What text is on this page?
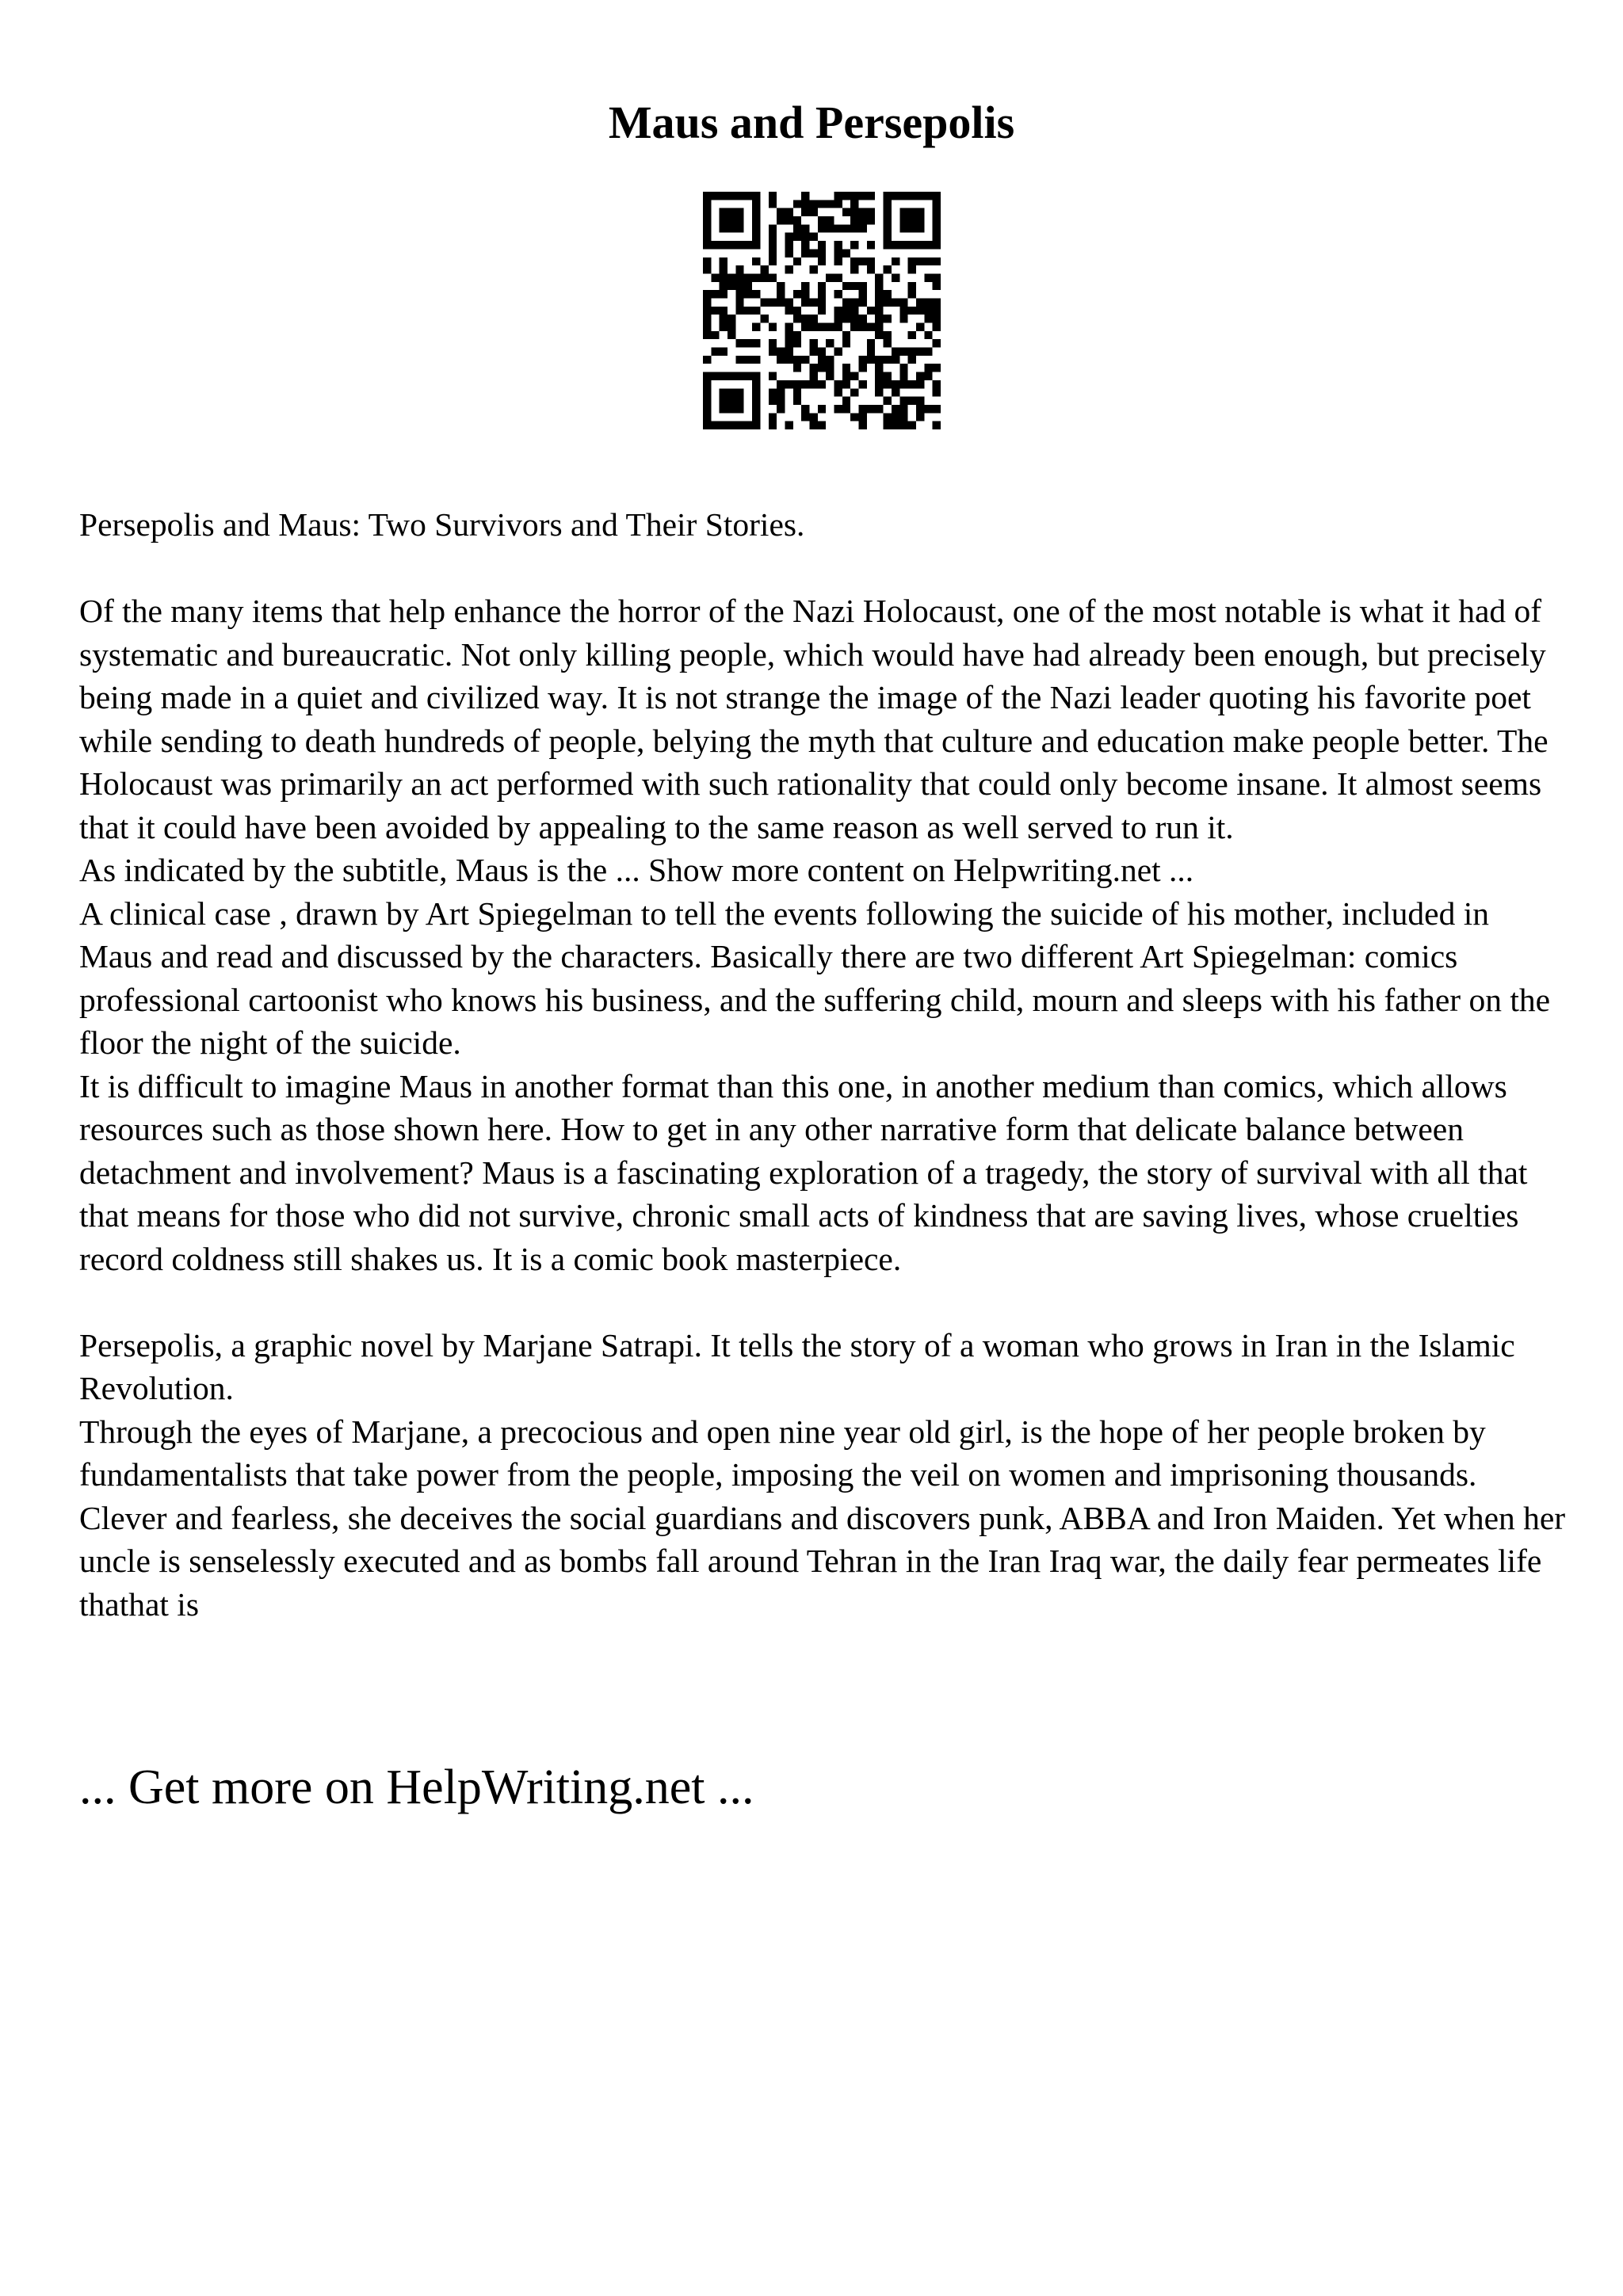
Maus and Persepolis

Persepolis and Maus: Two Survivors and Their Stories.

Of the many items that help enhance the horror of the Nazi Holocaust, one of the most notable is what it had of systematic and bureaucratic. Not only killing people, which would have had already been enough, but precisely being made in a quiet and civilized way. It is not strange the image of the Nazi leader quoting his favorite poet while sending to death hundreds of people, belying the myth that culture and education make people better. The Holocaust was primarily an act performed with such rationality that could only become insane. It almost seems that it could have been avoided by appealing to the same reason as well served to run it.

As indicated by the subtitle, Maus is the ... Show more content on Helpwriting.net ...

A clinical case , drawn by Art Spiegelman to tell the events following the suicide of his mother, included in Maus and read and discussed by the characters. Basically there are two different Art Spiegelman: comics professional cartoonist who knows his business, and the suffering child, mourn and sleeps with his father on the floor the night of the suicide.

It is difficult to imagine Maus in another format than this one, in another medium than comics, which allows resources such as those shown here. How to get in any other narrative form that delicate balance between detachment and involvement? Maus is a fascinating exploration of a tragedy, the story of survival with all that that means for those who did not survive, chronic small acts of kindness that are saving lives, whose cruelties record coldness still shakes us. It is a comic book masterpiece.

Persepolis, a graphic novel by Marjane Satrapi. It tells the story of a woman who grows in Iran in the Islamic Revolution.

Through the eyes of Marjane, a precocious and open nine year old girl, is the hope of her people broken by fundamentalists that take power from the people, imposing the veil on women and imprisoning thousands. Clever and fearless, she deceives the social guardians and discovers punk, ABBA and Iron Maiden. Yet when her uncle is senselessly executed and as bombs fall around Tehran in the Iran Iraq war, the daily fear permeates life thathat is

... Get more on HelpWriting.net ...
